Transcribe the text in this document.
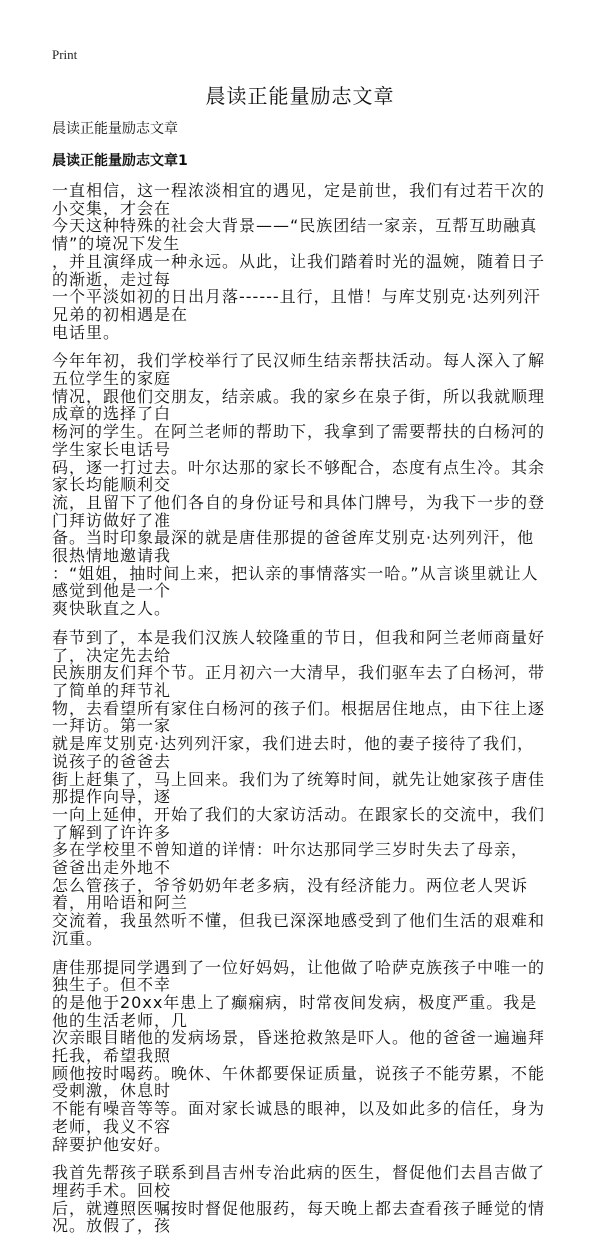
Print
晨读正能量励志文章
晨读正能量励志文章
晨读正能量励志文章1
一直相信，这一程浓淡相宜的遇见，定是前世，我们有过若干次的小交集，才会在
今天这种特殊的社会大背景——“民族团结一家亲，互帮互助融真情”的境况下发生
，并且演绎成一种永远。从此，让我们踏着时光的温婉，随着日子的渐逝，走过每
一个平淡如初的日出月落------且行，且惜！与库艾别克·达列列汗兄弟的初相遇是在
电话里。
今年年初，我们学校举行了民汉师生结亲帮扶活动。每人深入了解五位学生的家庭
情况，跟他们交朋友，结亲戚。我的家乡在泉子街，所以我就顺理成章的选择了白
杨河的学生。在阿兰老师的帮助下，我拿到了需要帮扶的白杨河的学生家长电话号
码，逐一打过去。叶尔达那的家长不够配合，态度有点生冷。其余家长均能顺利交
流，且留下了他们各自的身份证号和具体门牌号，为我下一步的登门拜访做好了准
备。当时印象最深的就是唐佳那提的爸爸库艾别克·达列列汗，他很热情地邀请我
：“姐姐，抽时间上来，把认亲的事情落实一哈。”从言谈里就让人感觉到他是一个
爽快耿直之人。
春节到了，本是我们汉族人较隆重的节日，但我和阿兰老师商量好了，决定先去给
民族朋友们拜个节。正月初六一大清早，我们驱车去了白杨河，带了简单的拜节礼
物，去看望所有家住白杨河的孩子们。根据居住地点，由下往上逐一拜访。第一家
就是库艾别克·达列列汗家，我们进去时，他的妻子接待了我们，说孩子的爸爸去
街上赶集了，马上回来。我们为了统筹时间，就先让她家孩子唐佳那提作向导，逐
一向上延伸，开始了我们的大家访活动。在跟家长的交流中，我们了解到了许许多
多在学校里不曾知道的详情：叶尔达那同学三岁时失去了母亲， 爸爸出走外地不
怎么管孩子，爷爷奶奶年老多病，没有经济能力。两位老人哭诉着，用哈语和阿兰
交流着，我虽然听不懂，但我已深深地感受到了他们生活的艰难和沉重。
唐佳那提同学遇到了一位好妈妈，让他做了哈萨克族孩子中唯一的独生子。但不幸
的是他于20xx年患上了癫痫病，时常夜间发病，极度严重。我是他的生活老师，几
次亲眼目睹他的发病场景，昏迷抢救煞是吓人。他的爸爸一遍遍拜托我，希望我照
顾他按时喝药。晚休、午休都要保证质量，说孩子不能劳累，不能受刺激，休息时
不能有噪音等等。面对家长诚恳的眼神，以及如此多的信任，身为老师，我义不容
辞要护他安好。
我首先帮孩子联系到昌吉州专治此病的医生，督促他们去昌吉做了埋药手术。回校
后，就遵照医嘱按时督促他服药，每天晚上都去查看孩子睡觉的情况。放假了，孩
